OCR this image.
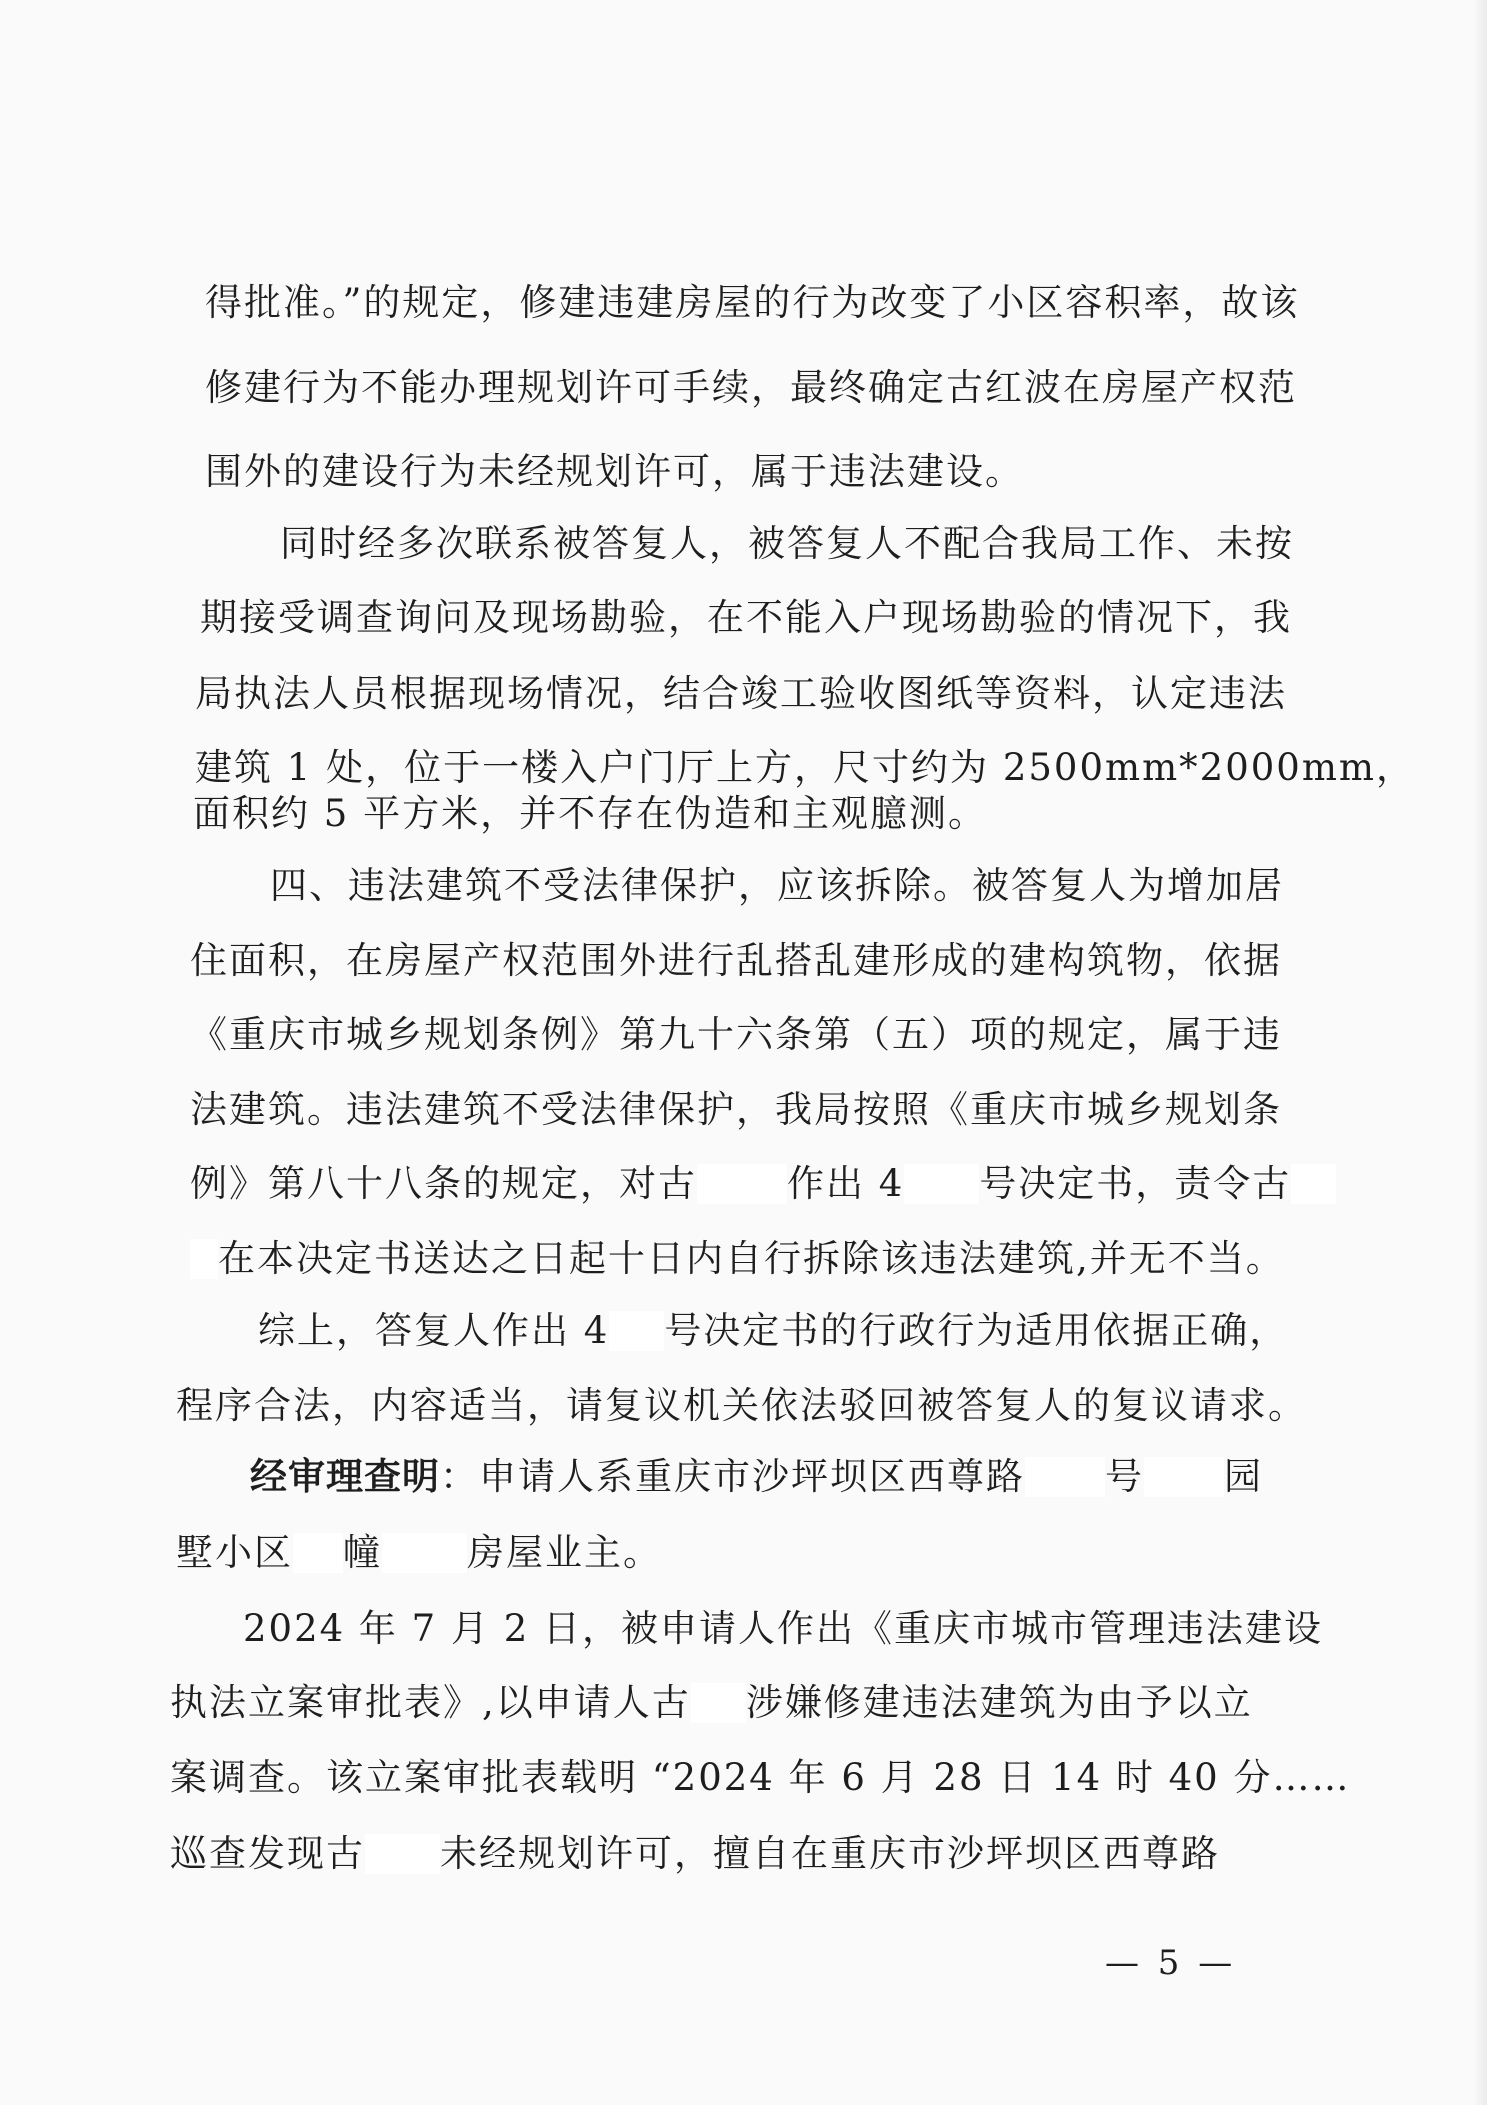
得批准。”的规定，修建违建房屋的行为改变了小区容积率，故该
修建行为不能办理规划许可手续，最终确定古红波在房屋产权范
围外的建设行为未经规划许可，属于违法建设。
同时经多次联系被答复人，被答复人不配合我局工作、未按
期接受调查询问及现场勘验，在不能入户现场勘验的情况下，我
局执法人员根据现场情况，结合竣工验收图纸等资料，认定违法
建筑 1 处，位于一楼入户门厅上方，尺寸约为 2500mm*2000mm，
面积约 5 平方米，并不存在伪造和主观臆测。
四、违法建筑不受法律保护，应该拆除。被答复人为增加居
住面积，在房屋产权范围外进行乱搭乱建形成的建构筑物，依据
《重庆市城乡规划条例》第九十六条第（五）项的规定，属于违
法建筑。违法建筑不受法律保护，我局按照《重庆市城乡规划条
例》第八十八条的规定，对古 作出 4 号决定书，责令古
在本决定书送达之日起十日内自行拆除该违法建筑,并无不当。
综上，答复人作出 4 号决定书的行政行为适用依据正确，
程序合法，内容适当，请复议机关依法驳回被答复人的复议请求。
经审理查明：申请人系重庆市沙坪坝区西尊路 号 园
墅小区 幢 房屋业主。
2024 年 7 月 2 日，被申请人作出《重庆市城市管理违法建设
执法立案审批表》,以申请人古 涉嫌修建违法建筑为由予以立
案调查。该立案审批表载明 “2024 年 6 月 28 日 14 时 40 分……
巡查发现古 未经规划许可，擅自在重庆市沙坪坝区西尊路
— 5 —
